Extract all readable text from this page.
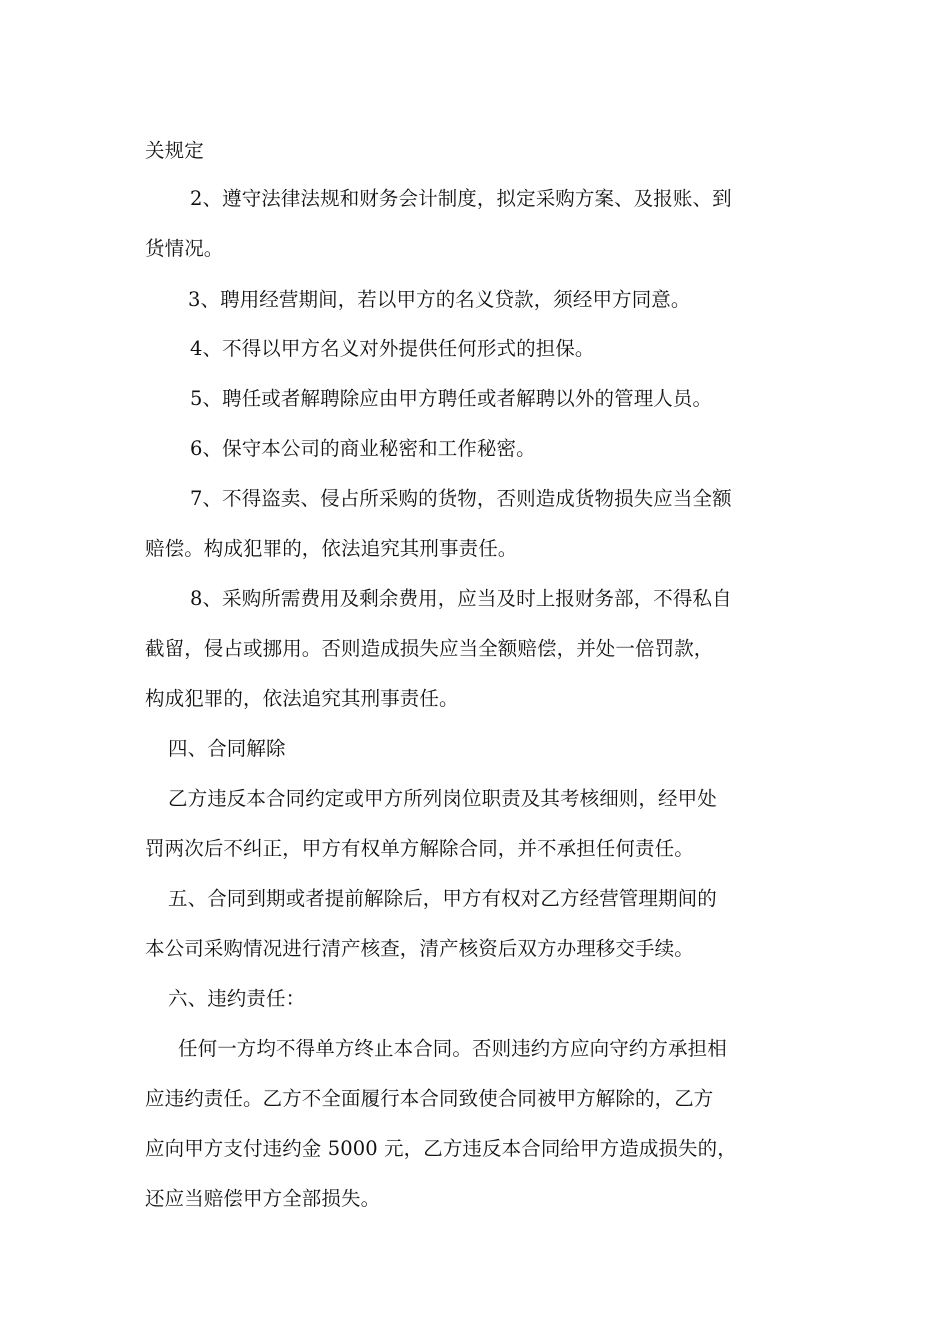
关规定
2、遵守法律法规和财务会计制度，拟定采购方案、及报账、到
货情况。
3、聘用经营期间，若以甲方的名义贷款，须经甲方同意。
4、不得以甲方名义对外提供任何形式的担保。
5、聘任或者解聘除应由甲方聘任或者解聘以外的管理人员。
6、保守本公司的商业秘密和工作秘密。
7、不得盗卖、侵占所采购的货物，否则造成货物损失应当全额
赔偿。构成犯罪的，依法追究其刑事责任。
8、采购所需费用及剩余费用，应当及时上报财务部，不得私自
截留，侵占或挪用。否则造成损失应当全额赔偿，并处一倍罚款，
构成犯罪的，依法追究其刑事责任。
四、合同解除
乙方违反本合同约定或甲方所列岗位职责及其考核细则，经甲处
罚两次后不纠正，甲方有权单方解除合同，并不承担任何责任。
五、合同到期或者提前解除后，甲方有权对乙方经营管理期间的
本公司采购情况进行清产核查，清产核资后双方办理移交手续。
六、违约责任：
任何一方均不得单方终止本合同。否则违约方应向守约方承担相
应违约责任。乙方不全面履行本合同致使合同被甲方解除的，乙方
应向甲方支付违约金 5000 元，乙方违反本合同给甲方造成损失的，
还应当赔偿甲方全部损失。
